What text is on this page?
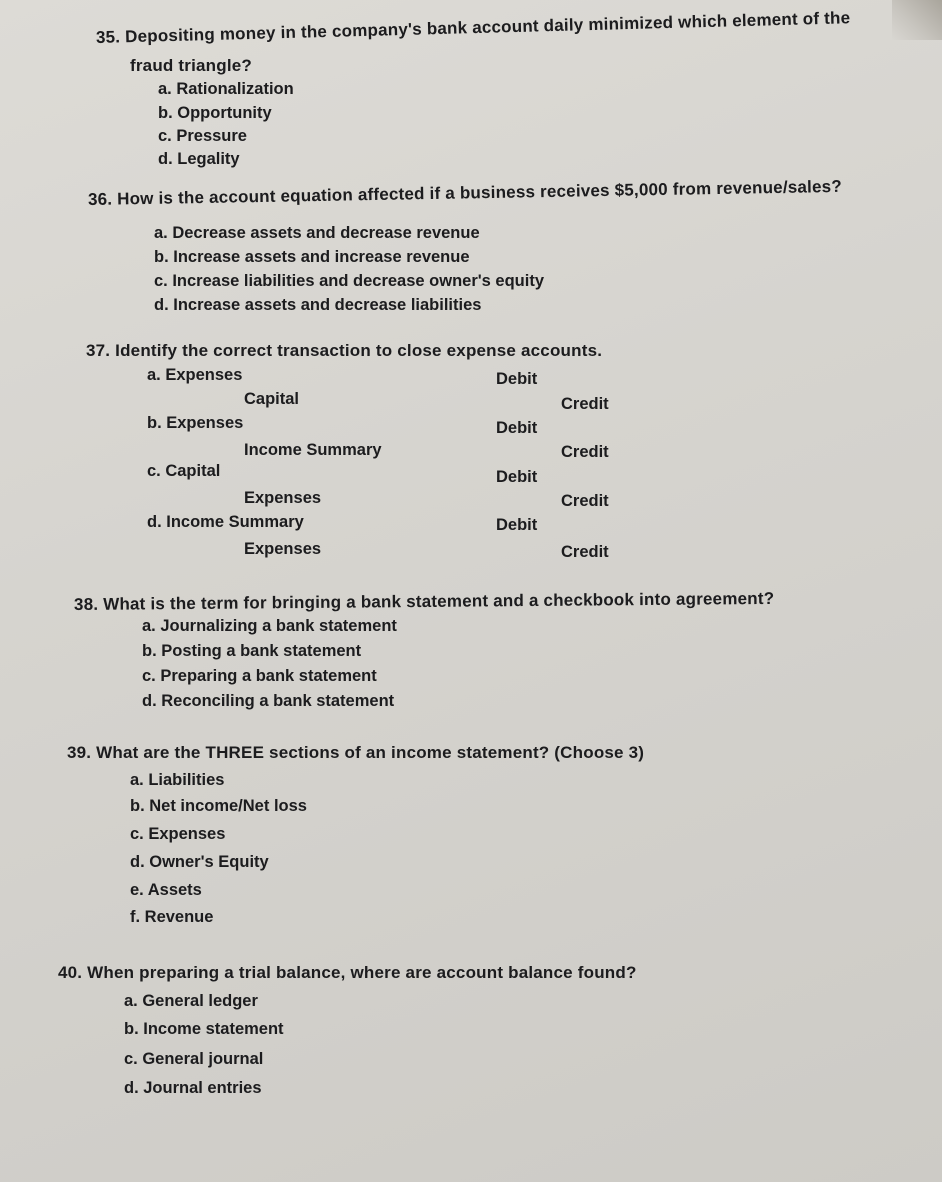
35. Depositing money in the company's bank account daily minimized which element of the
fraud triangle?
a. Rationalization
b. Opportunity
c. Pressure
d. Legality
36. How is the account equation affected if a business receives $5,000 from revenue/sales?
a. Decrease assets and decrease revenue
b. Increase assets and increase revenue
c. Increase liabilities and decrease owner's equity
d. Increase assets and decrease liabilities
37. Identify the correct transaction to close expense accounts.
a. Expenses	Debit
Capital	Credit
b. Expenses	Debit
Income Summary	Credit
c. Capital	Debit
Expenses	Credit
d. Income Summary	Debit
Expenses	Credit
38. What is the term for bringing a bank statement and a checkbook into agreement?
a. Journalizing a bank statement
b. Posting a bank statement
c. Preparing a bank statement
d. Reconciling a bank statement
39. What are the THREE sections of an income statement? (Choose 3)
a. Liabilities
b. Net income/Net loss
c. Expenses
d. Owner's Equity
e. Assets
f. Revenue
40. When preparing a trial balance, where are account balance found?
a. General ledger
b. Income statement
c. General journal
d. Journal entries
